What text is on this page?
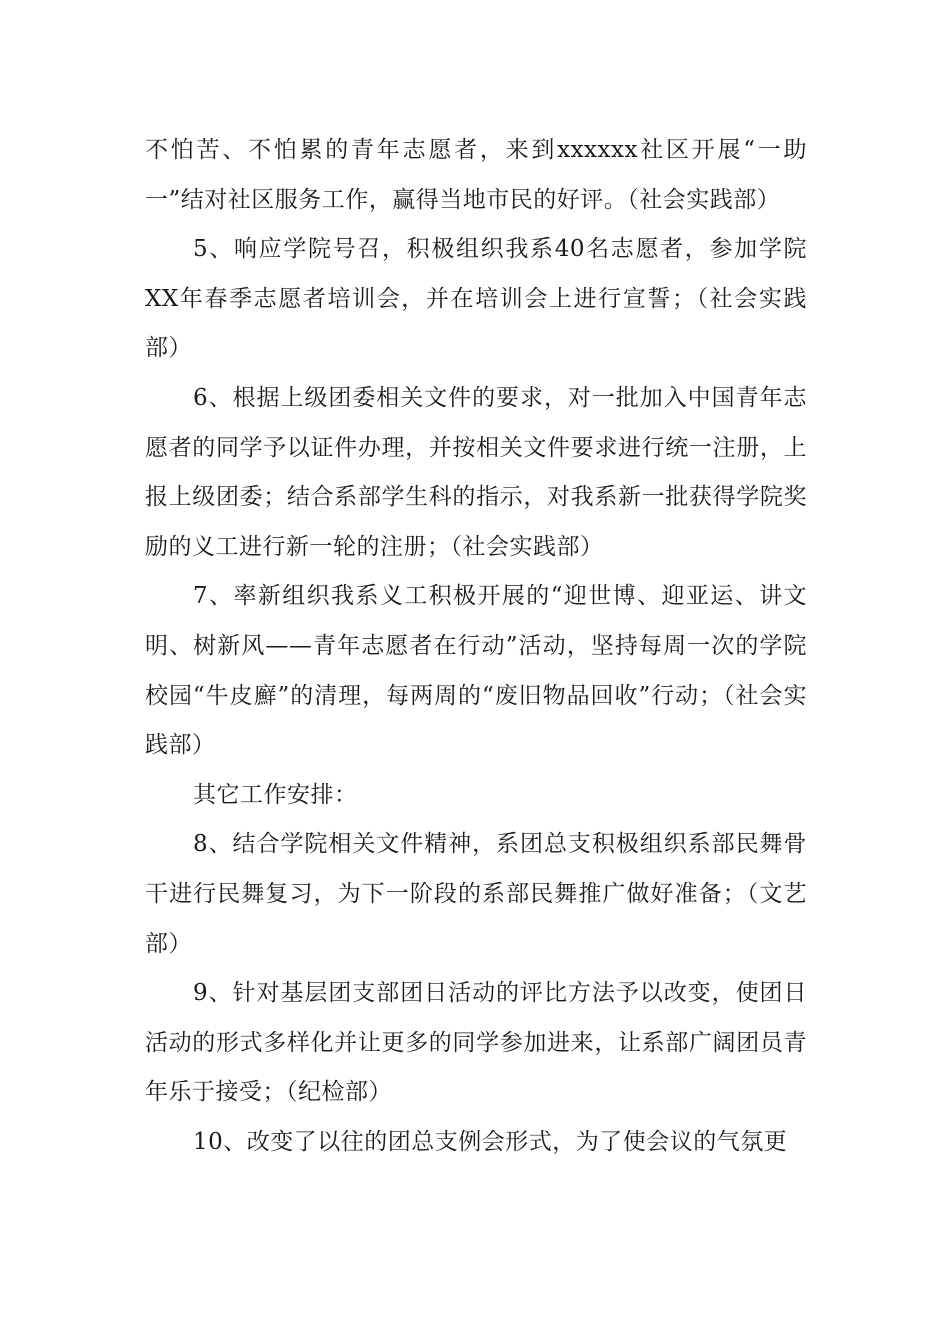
不怕苦、不怕累的青年志愿者，来到xxxxxx社区开展“一助一”结对社区服务工作，赢得当地市民的好评。（社会实践部）

5、响应学院号召，积极组织我系40名志愿者，参加学院XX年春季志愿者培训会，并在培训会上进行宣誓；（社会实践部）

6、根据上级团委相关文件的要求，对一批加入中国青年志愿者的同学予以证件办理，并按相关文件要求进行统一注册，上报上级团委；结合系部学生科的指示，对我系新一批获得学院奖励的义工进行新一轮的注册；（社会实践部）

7、率新组织我系义工积极开展的“迎世博、迎亚运、讲文明、树新风——青年志愿者在行动”活动，坚持每周一次的学院校园“牛皮廯”的清理，每两周的“废旧物品回收”行动；（社会实践部）

其它工作安排：

8、结合学院相关文件精神，系团总支积极组织系部民舞骨干进行民舞复习，为下一阶段的系部民舞推广做好准备；（文艺部）

9、针对基层团支部团日活动的评比方法予以改变，使团日活动的形式多样化并让更多的同学参加进来，让系部广阔团员青年乐于接受；（纪检部）

10、改变了以往的团总支例会形式，为了使会议的气氛更
